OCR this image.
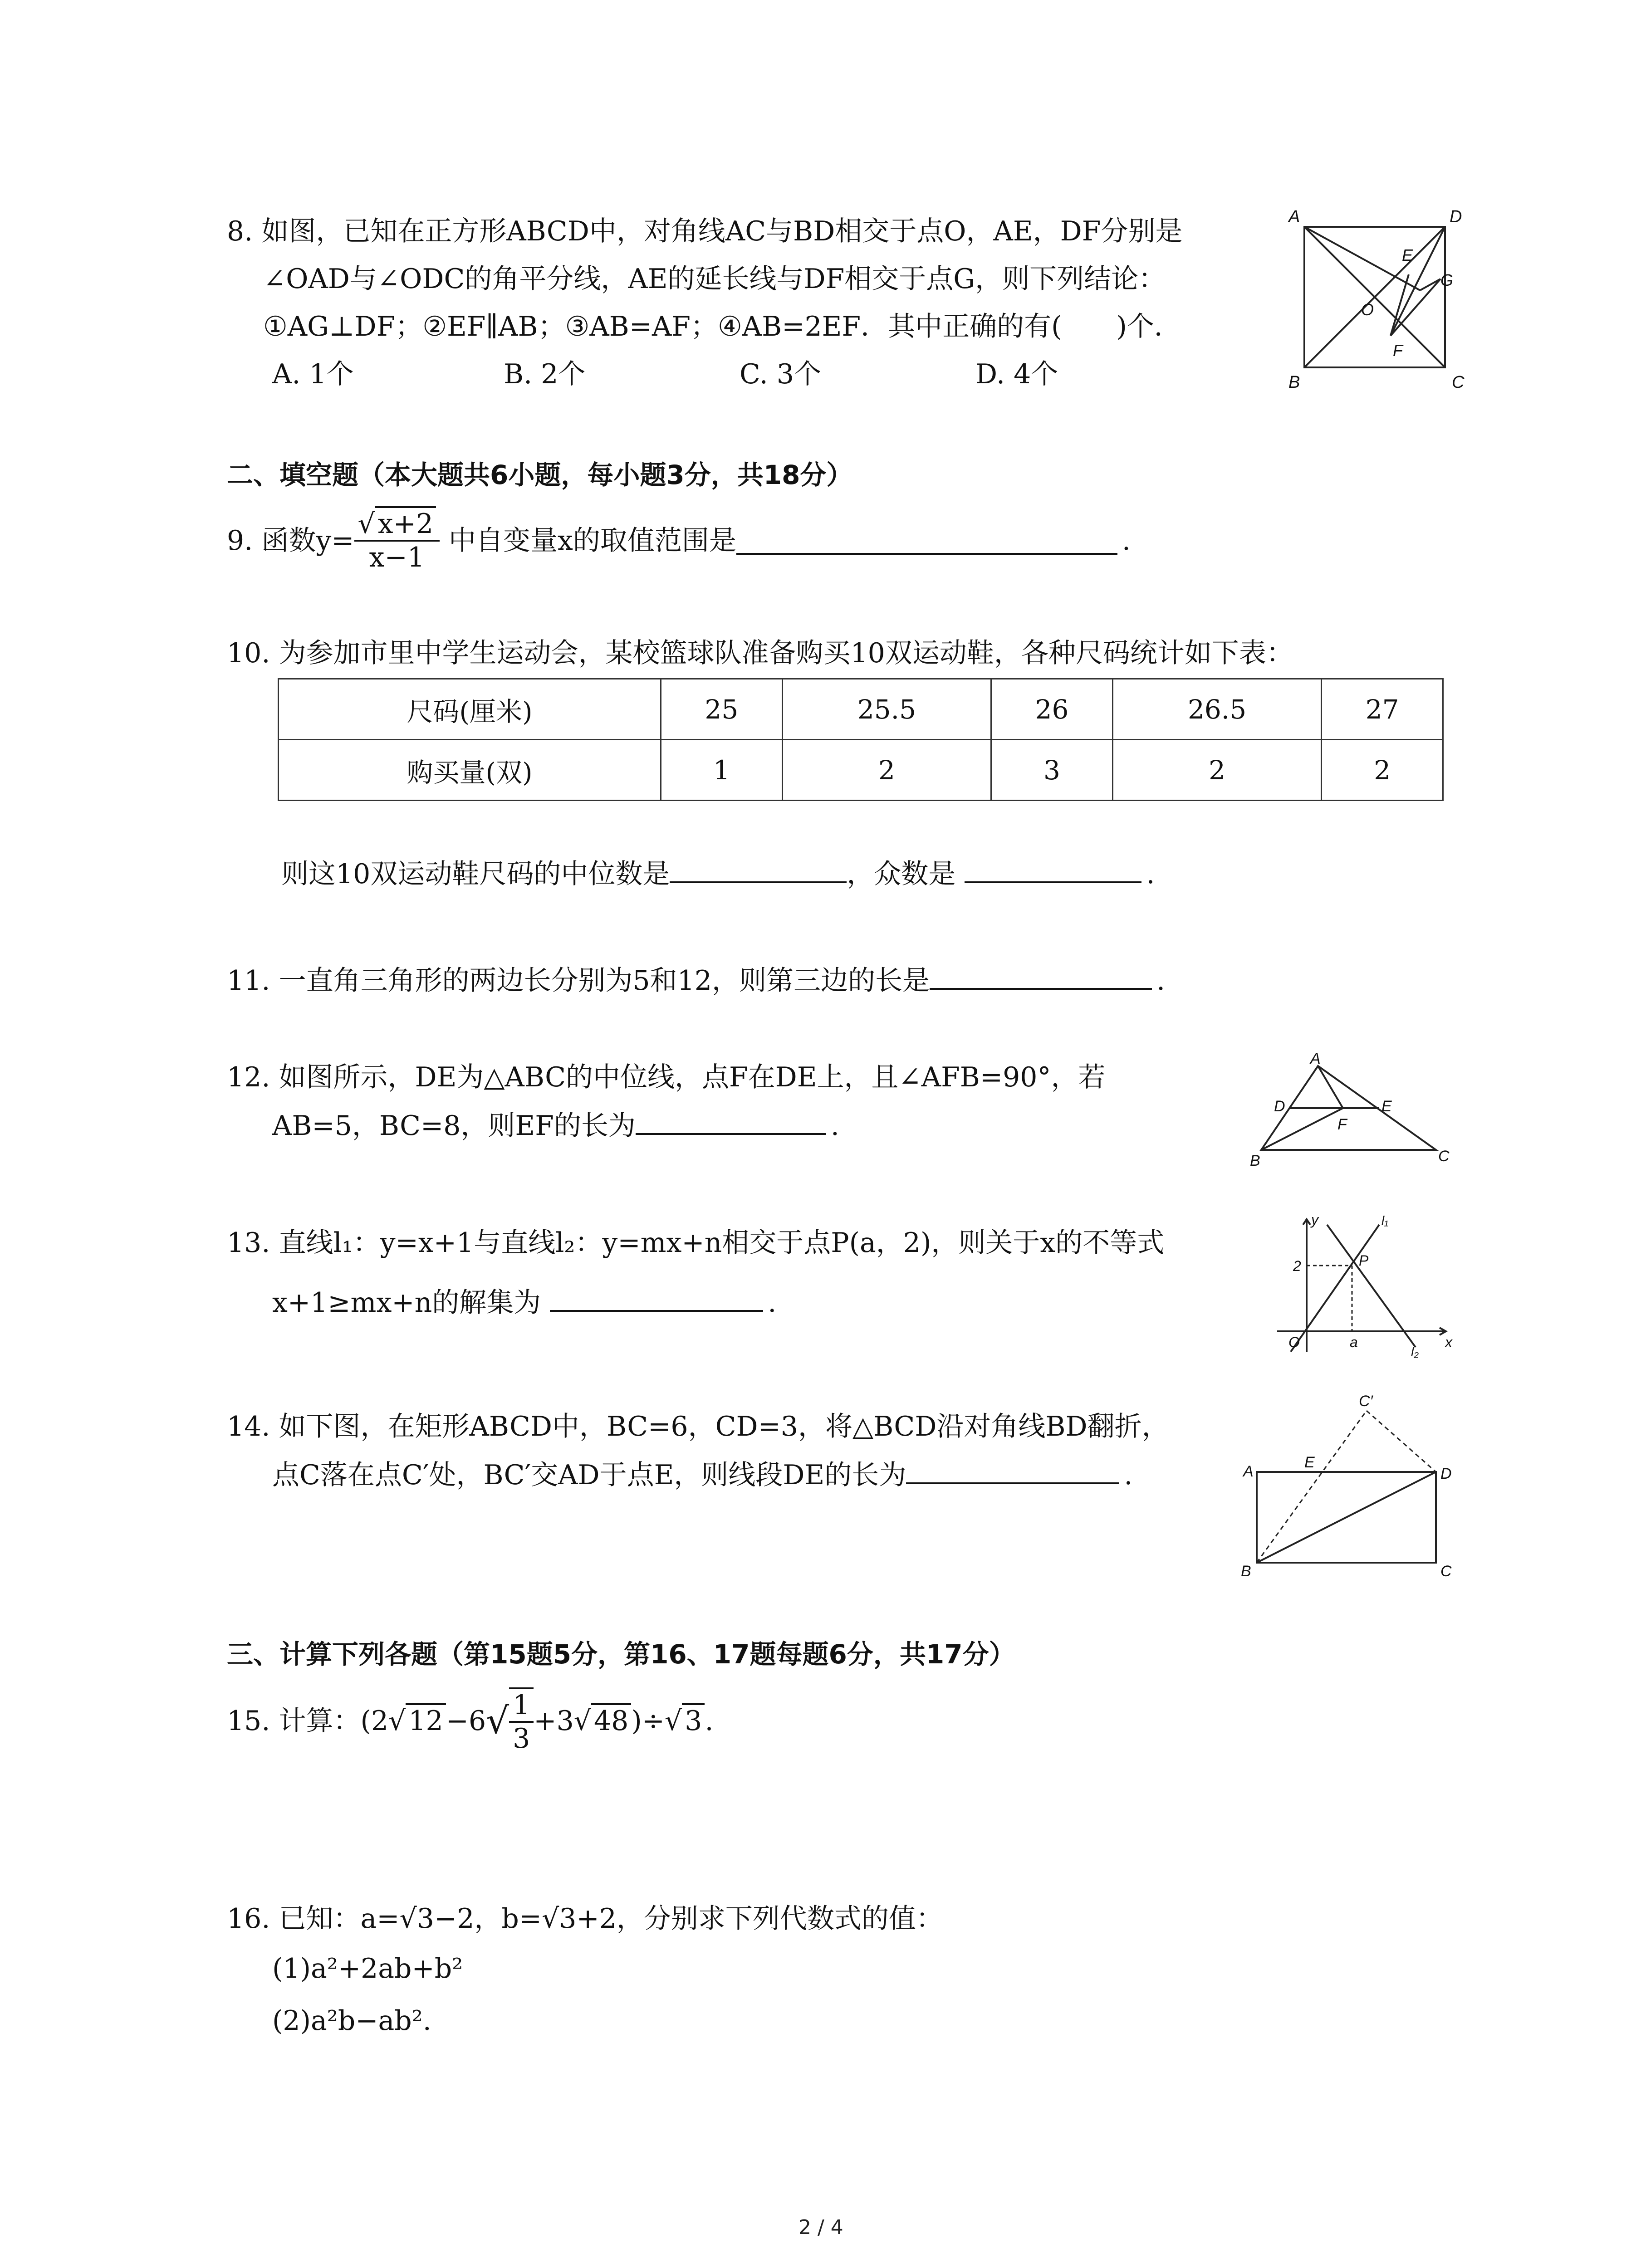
8. 如图，已知在正方形ABCD中，对角线AC与BD相交于点O，AE，DF分别是
∠OAD与∠ODC的角平分线，AE的延长线与DF相交于点G，则下列结论：
①AG⊥DF；②EF∥AB；③AB=AF；④AB=2EF．其中正确的有(　　)个．
A. 1个	B. 2个	C. 3个	D. 4个
A	D
B	C
E
G
O
F
二、填空题（本大题共6小题，每小题3分，共18分）
9. 函数$y= \frac{√ x+2}{x-1}$ 中自变量x的取值范围是	.
10. 为参加市里中学生运动会，某校篮球队准备购买10双运动鞋，各种尺码统计如下表：
尺码(厘米)	25	25.5	26	26.5	27
购买量(双)	1	2	3	2	2
则这10双运动鞋尺码的中位数是	，众数是	.
11. 一直角三角形的两边长分别为5和12，则第三边的长是	.
12. 如图所示，DE为△ABC的中位线，点F在DE上，且∠AFB=90°，若
AB=5，BC=8，则EF的长为	.
A
D	E
F
B	C
13. 直线l₁：y=x+1与直线l₂：y=mx+n相交于点P(a，2)，则关于x的不等式
x+1≥mx+n的解集为	.
y	l₁
2	P
O	a
l₂
x
14. 如下图，在矩形ABCD中，BC=6，CD=3，将△BCD沿对角线BD翻折，
点C落在点C′处，BC′交AD于点E，则线段DE的长为	.	A
E
C′
D
B	C
三、计算下列各题（第15题5分，第16、17题每题6分，共17分）
15. 计算：(2√ $12 -6√ \frac{1}{3} +3√$ 48 )÷√ 3 .
16. 已知：a=√3−2，b=√3+2，分别求下列代数式的值：
(1)a²+2ab+b²
(2)a²b−ab².
2 / 4
